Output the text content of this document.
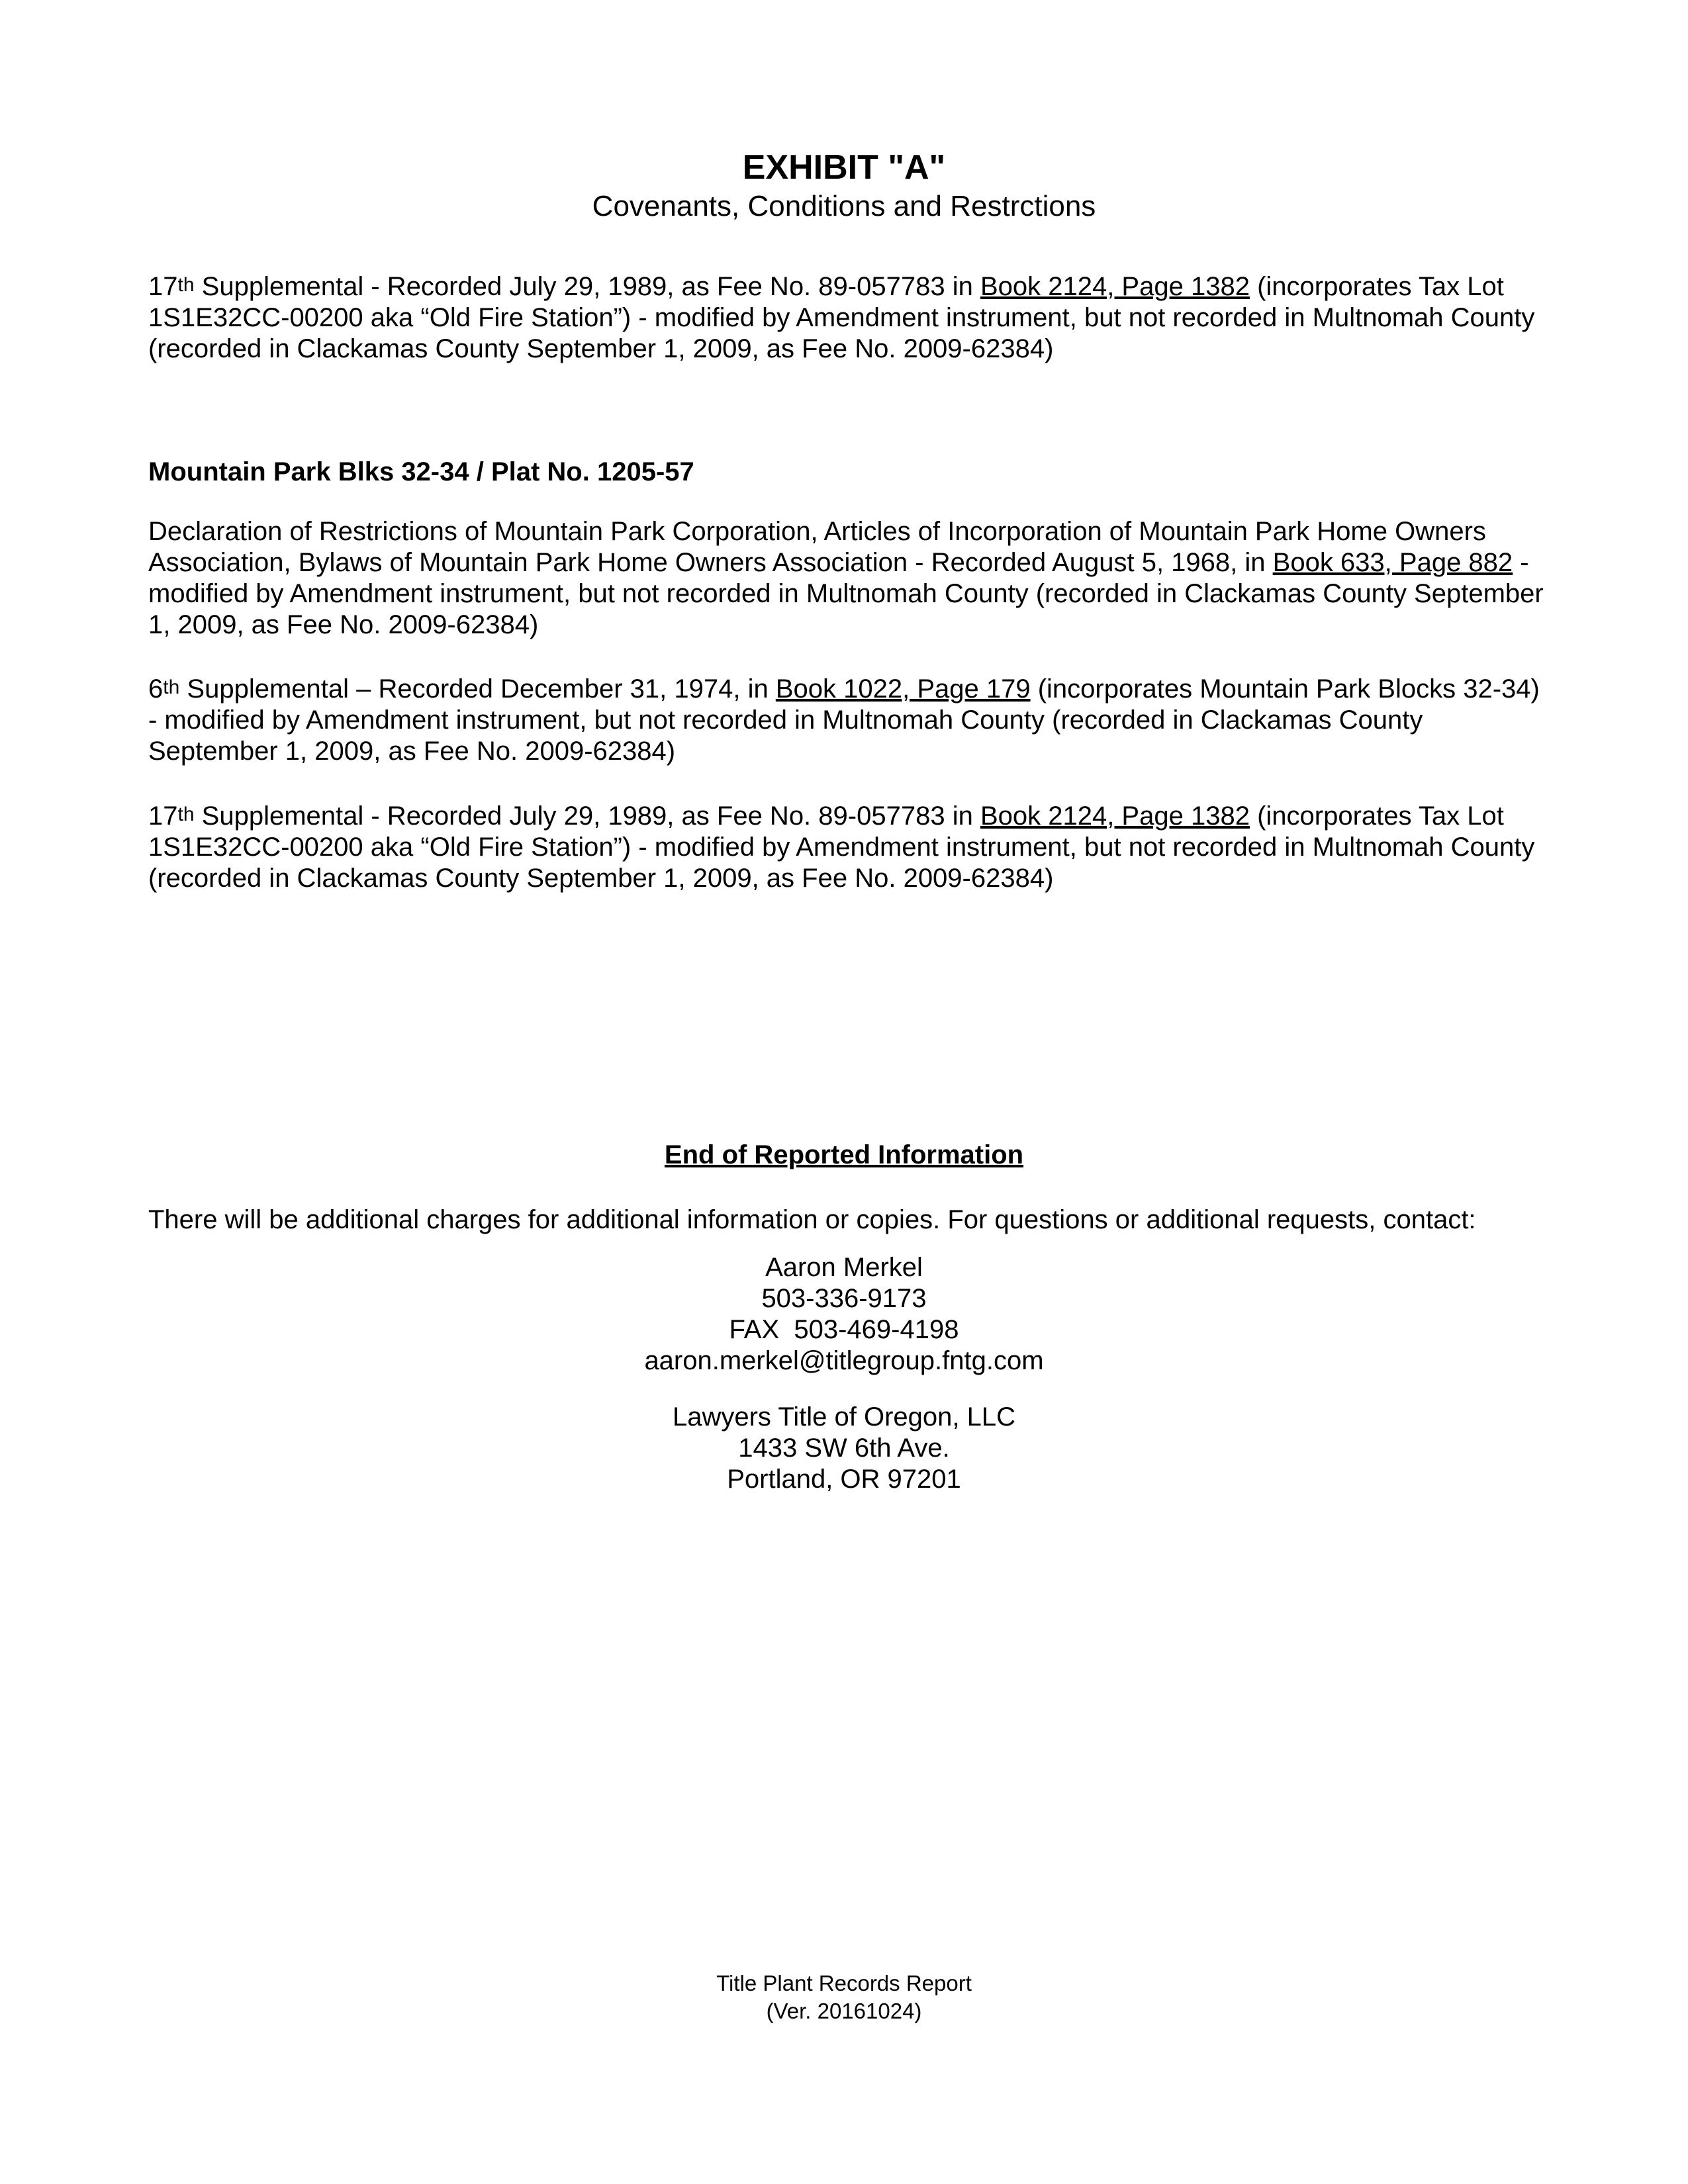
EXHIBIT "A"
Covenants, Conditions and Restrctions

17th Supplemental - Recorded July 29, 1989, as Fee No. 89-057783 in Book 2124, Page 1382 (incorporates Tax Lot 1S1E32CC-00200 aka “Old Fire Station”) - modified by Amendment instrument, but not recorded in Multnomah County (recorded in Clackamas County September 1, 2009, as Fee No. 2009-62384)

Mountain Park Blks 32-34 / Plat No. 1205-57

Declaration of Restrictions of Mountain Park Corporation, Articles of Incorporation of Mountain Park Home Owners Association, Bylaws of Mountain Park Home Owners Association - Recorded August 5, 1968, in Book 633, Page 882 - modified by Amendment instrument, but not recorded in Multnomah County (recorded in Clackamas County September 1, 2009, as Fee No. 2009-62384)

6th Supplemental – Recorded December 31, 1974, in Book 1022, Page 179 (incorporates Mountain Park Blocks 32-34) - modified by Amendment instrument, but not recorded in Multnomah County (recorded in Clackamas County September 1, 2009, as Fee No. 2009-62384)

17th Supplemental - Recorded July 29, 1989, as Fee No. 89-057783 in Book 2124, Page 1382 (incorporates Tax Lot 1S1E32CC-00200 aka “Old Fire Station”) - modified by Amendment instrument, but not recorded in Multnomah County (recorded in Clackamas County September 1, 2009, as Fee No. 2009-62384)

End of Reported Information

There will be additional charges for additional information or copies. For questions or additional requests, contact:

Aaron Merkel
503-336-9173
FAX  503-469-4198
aaron.merkel@titlegroup.fntg.com
Lawyers Title of Oregon, LLC
1433 SW 6th Ave.
Portland, OR 97201
Title Plant Records Report
(Ver. 20161024)
